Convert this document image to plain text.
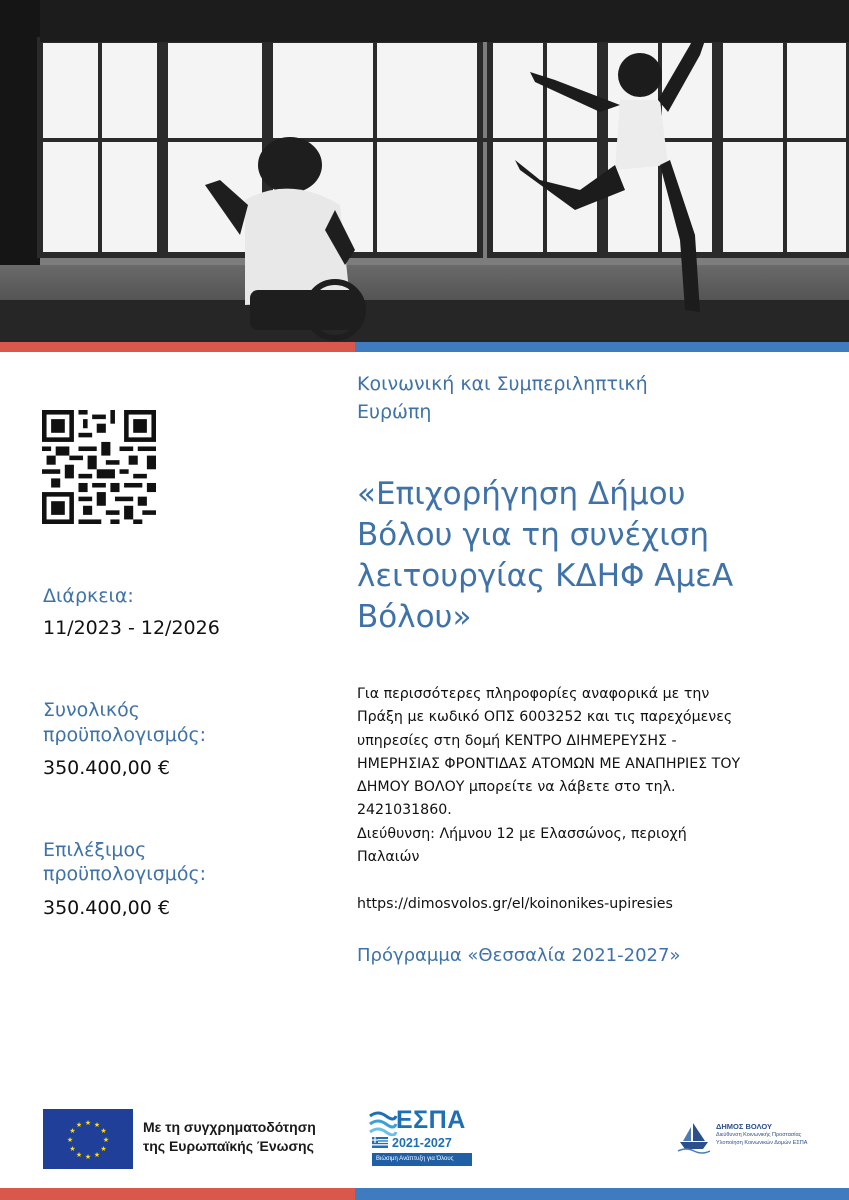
Διάρκεια:
11/2023 - 12/2026
Συνολικός
προϋπολογισμός:
350.400,00 €
Επιλέξιμος
προϋπολογισμός:
350.400,00 €
Κοινωνική και Συμπεριληπτική
Ευρώπη
«Επιχορήγηση Δήμου
Βόλου για τη συνέχιση
λειτουργίας ΚΔΗΦ ΑμεΑ
Βόλου»
Για περισσότερες πληροφορίες αναφορικά με την
Πράξη με κωδικό ΟΠΣ 6003252 και τις παρεχόμενες
υπηρεσίες στη δομή ΚΕΝΤΡΟ ΔΙΗΜΕΡΕΥΣΗΣ -
ΗΜΕΡΗΣΙΑΣ ΦΡΟΝΤΙΔΑΣ ΑΤΟΜΩΝ ΜΕ ΑΝΑΠΗΡΙΕΣ ΤΟΥ
ΔΗΜΟΥ ΒΟΛΟΥ μπορείτε να λάβετε στο τηλ.
2421031860.
Διεύθυνση: Λήμνου 12 με Ελασσώνος, περιοχή
Παλαιών
https://dimosvolos.gr/el/koinonikes-upiresies
Πρόγραμμα «Θεσσαλία 2021-2027»
★ ★
★
★
★
★
★
★
★
★
★
★	Με τη συγχρηματοδότηση
της Ευρωπαϊκής Ένωσης
ΕΣΠΑ
2021-2027
Βιώσιμη Ανάπτυξη για Όλους
ΔΗΜΟΣ ΒΟΛΟΥ
Διεύθυνση Κοινωνικής Προστασίας
Υλοποίηση Κοινωνικών Δομών ΕΣΠΑ
